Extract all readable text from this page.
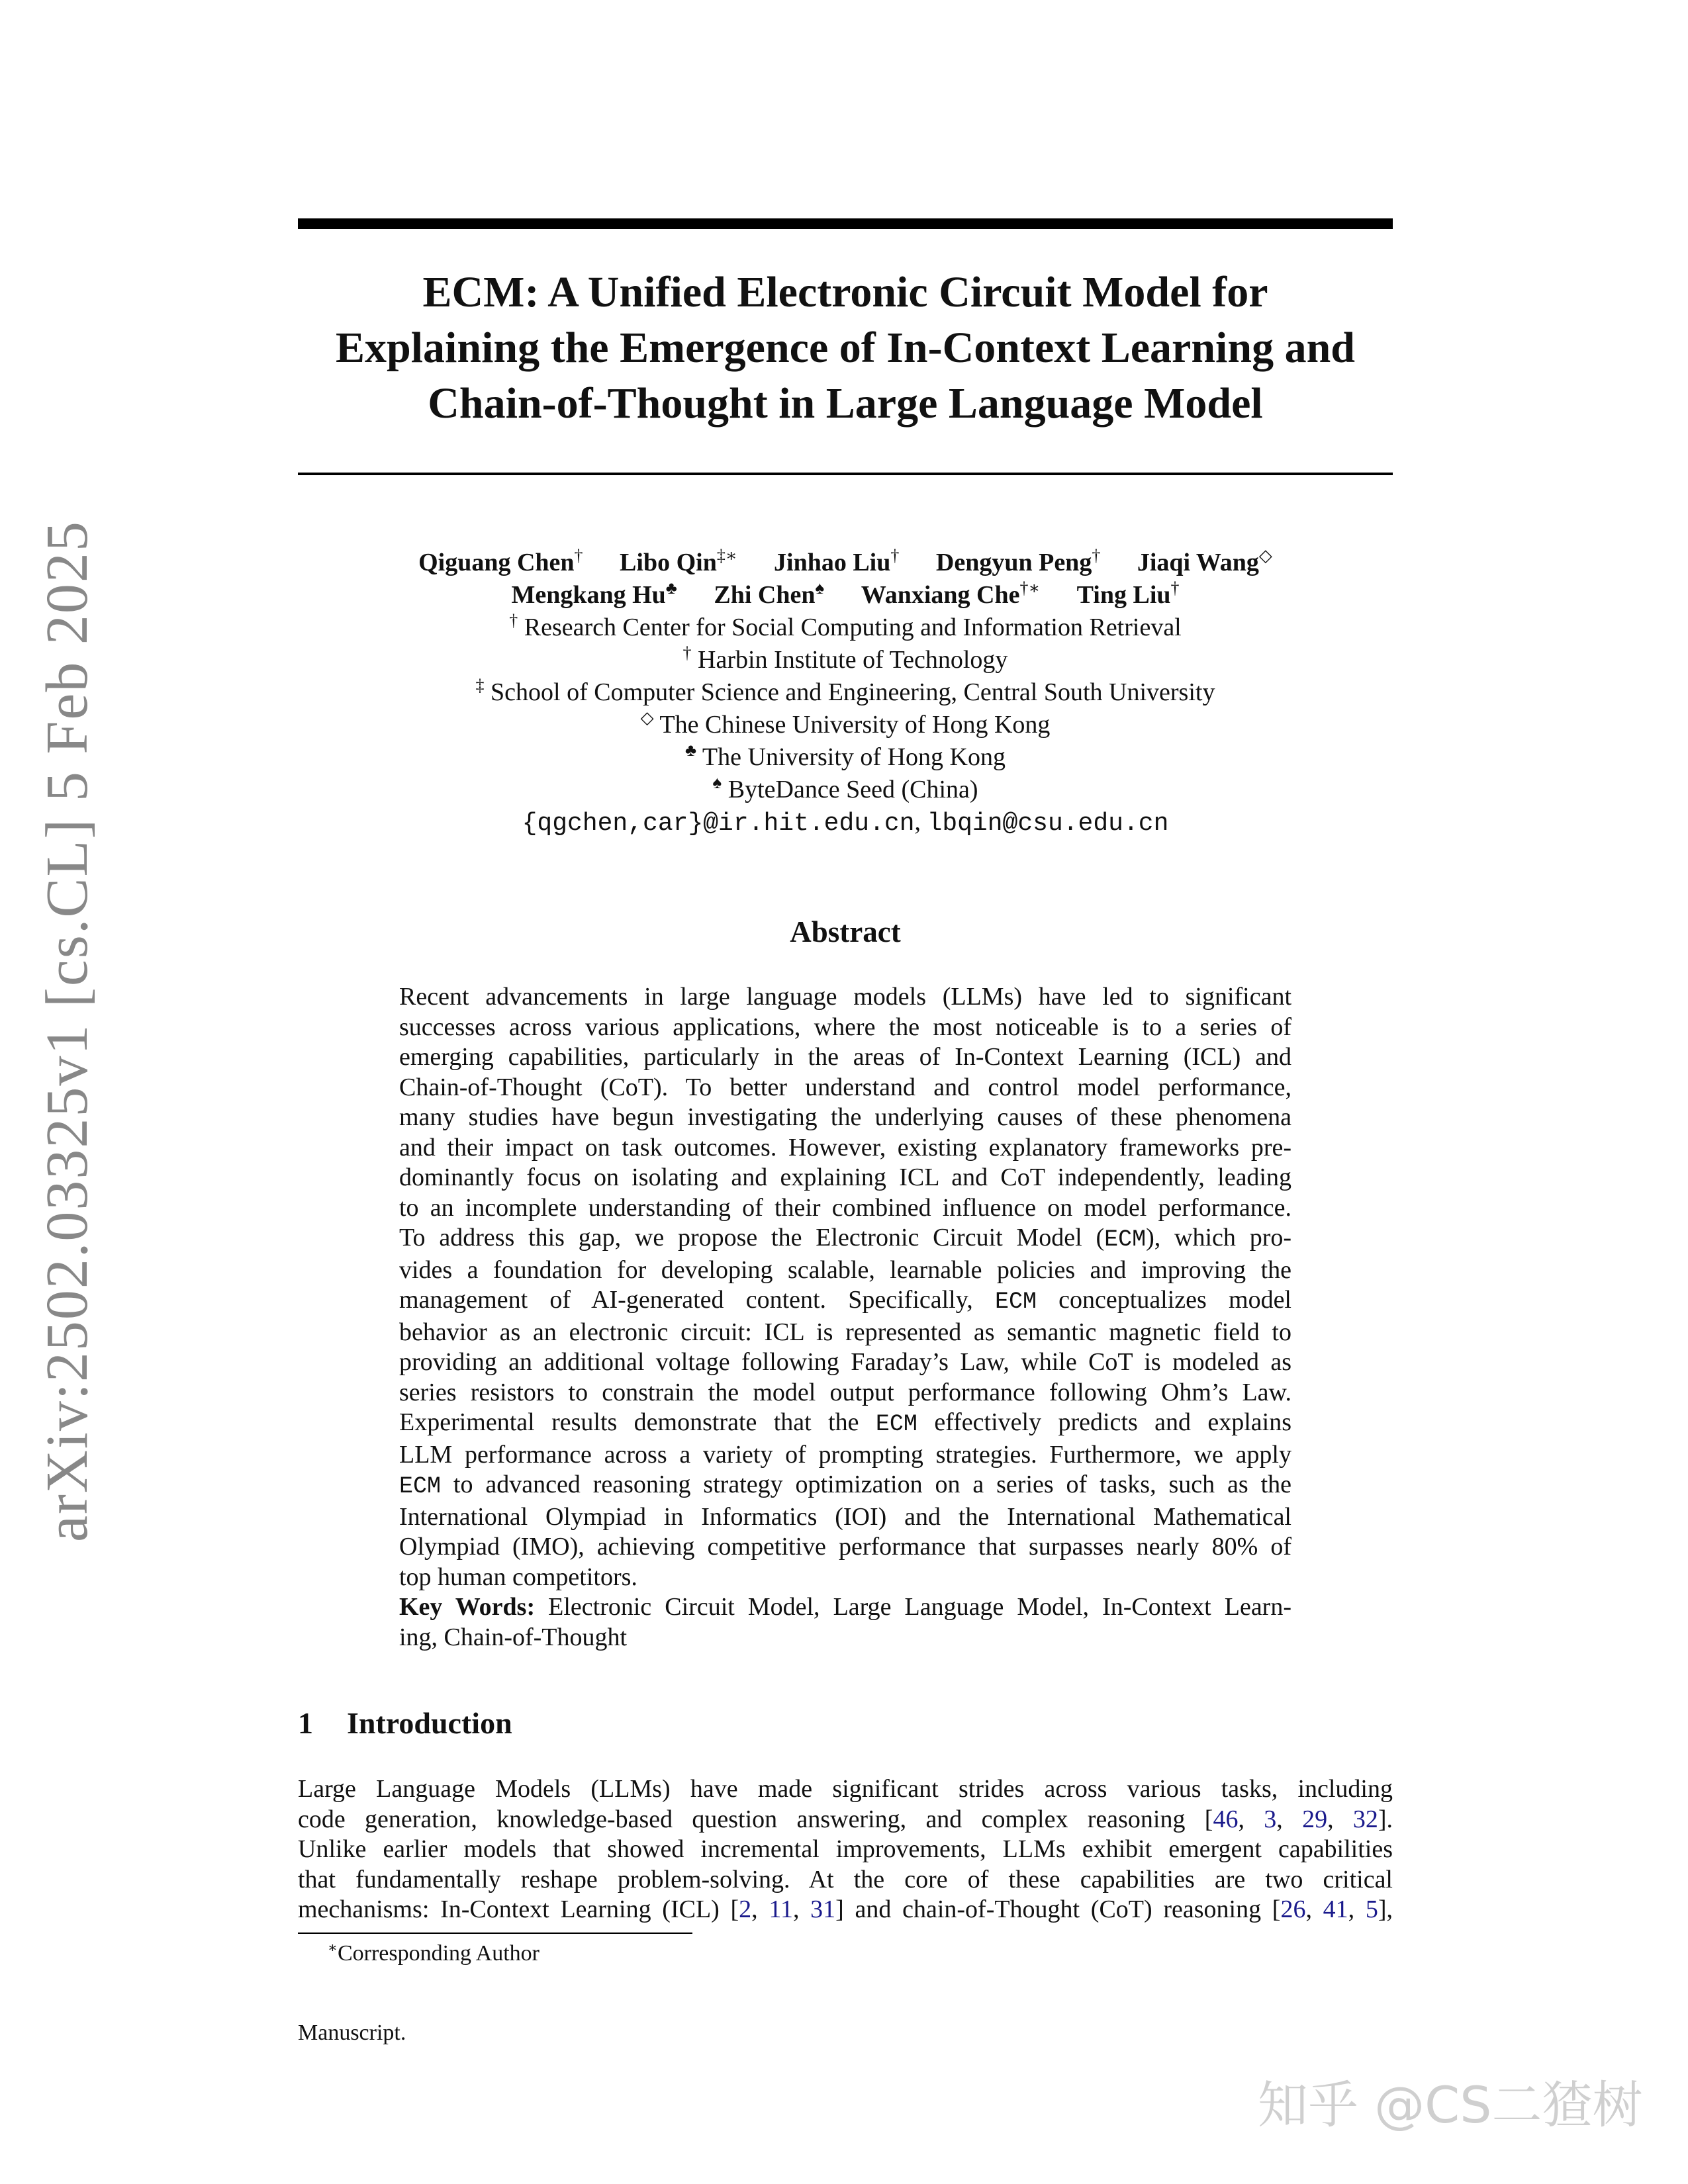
arXiv:2502.03325v1 [cs.CL] 5 Feb 2025
ECM: A Unified Electronic Circuit Model for
Explaining the Emergence of In-Context Learning and
Chain-of-Thought in Large Language Model
Qiguang Chen† Libo Qin‡∗ Jinhao Liu† Dengyun Peng† Jiaqi Wang◇
Mengkang Hu♣ Zhi Chen♠ Wanxiang Che†∗ Ting Liu†
† Research Center for Social Computing and Information Retrieval
† Harbin Institute of Technology
‡ School of Computer Science and Engineering, Central South University
◇ The Chinese University of Hong Kong
♣ The University of Hong Kong
♠ ByteDance Seed (China)
{qgchen,car}@ir.hit.edu.cn, lbqin@csu.edu.cn
Abstract
Recent advancements in large language models (LLMs) have led to significant
successes across various applications, where the most noticeable is to a series of
emerging capabilities, particularly in the areas of In-Context Learning (ICL) and
Chain-of-Thought (CoT). To better understand and control model performance,
many studies have begun investigating the underlying causes of these phenomena
and their impact on task outcomes. However, existing explanatory frameworks pre-
dominantly focus on isolating and explaining ICL and CoT independently, leading
to an incomplete understanding of their combined influence on model performance.
To address this gap, we propose the Electronic Circuit Model (ECM), which pro-
vides a foundation for developing scalable, learnable policies and improving the
management of AI-generated content. Specifically, ECM conceptualizes model
behavior as an electronic circuit: ICL is represented as semantic magnetic field to
providing an additional voltage following Faraday’s Law, while CoT is modeled as
series resistors to constrain the model output performance following Ohm’s Law.
Experimental results demonstrate that the ECM effectively predicts and explains
LLM performance across a variety of prompting strategies. Furthermore, we apply
ECM to advanced reasoning strategy optimization on a series of tasks, such as the
International Olympiad in Informatics (IOI) and the International Mathematical
Olympiad (IMO), achieving competitive performance that surpasses nearly 80% of
top human competitors.
Key Words: Electronic Circuit Model, Large Language Model, In-Context Learn-
ing, Chain-of-Thought
1 Introduction
Large Language Models (LLMs) have made significant strides across various tasks, including
code generation, knowledge-based question answering, and complex reasoning [46, 3, 29, 32].
Unlike earlier models that showed incremental improvements, LLMs exhibit emergent capabilities
that fundamentally reshape problem-solving. At the core of these capabilities are two critical
mechanisms: In-Context Learning (ICL) [2, 11, 31] and chain-of-Thought (CoT) reasoning [26, 41, 5],
∗Corresponding Author
Manuscript.
知乎 @CS二猹树
